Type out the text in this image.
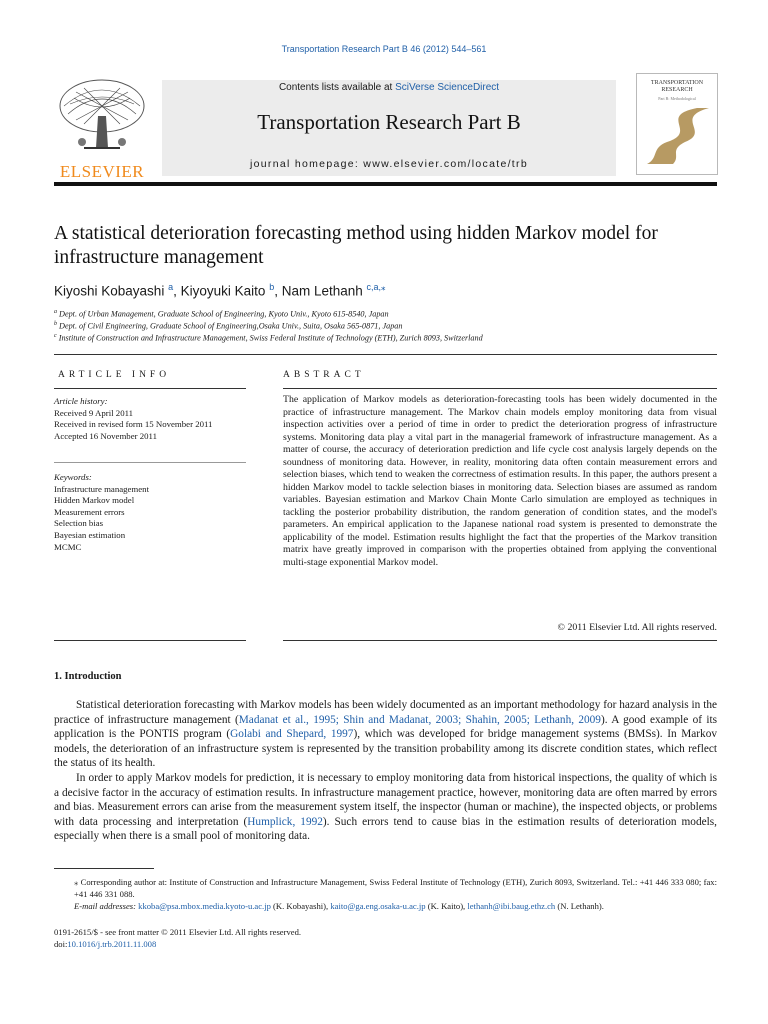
Transportation Research Part B 46 (2012) 544–561
ELSEVIER
Contents lists available at SciVerse ScienceDirect
Transportation Research Part B
journal homepage: www.elsevier.com/locate/trb
TRANSPORTATION RESEARCH
Part B: Methodological
A statistical deterioration forecasting method using hidden Markov model for infrastructure management
Kiyoshi Kobayashi $^a$, Kiyoyuki Kaito $^b$, Nam Lethanh $^{c,a,⁎}$
$^a$ Dept. of Urban Management, Graduate School of Engineering, Kyoto Univ., Kyoto 615-8540, Japan
$^b$ Dept. of Civil Engineering, Graduate School of Engineering,Osaka Univ., Suita, Osaka 565-0871, Japan
$^c$ Institute of Construction and Infrastructure Management, Swiss Federal Institute of Technology (ETH), Zurich 8093, Switzerland
ARTICLE INFO
Article history:
Received 9 April 2011
Received in revised form 15 November 2011
Accepted 16 November 2011
Keywords:
Infrastructure management
Hidden Markov model
Measurement errors
Selection bias
Bayesian estimation
MCMC
ABSTRACT
The application of Markov models as deterioration-forecasting tools has been widely documented in the practice of infrastructure management. The Markov chain models employ monitoring data from visual inspection activities over a period of time in order to predict the deterioration progress of infrastructure systems. Monitoring data play a vital part in the managerial framework of infrastructure management. As a matter of course, the accuracy of deterioration prediction and life cycle cost analysis largely depends on the soundness of monitoring data. However, in reality, monitoring data often contain measurement errors and selection biases, which tend to weaken the correctness of estimation results. In this paper, the authors present a hidden Markov model to tackle selection biases in monitoring data. Selection biases are assumed as random variables. Bayesian estimation and Markov Chain Monte Carlo simulation are employed as techniques in tackling the posterior probability distribution, the random generation of condition states, and the model's parameters. An empirical application to the Japanese national road system is presented to demonstrate the applicability of the model. Estimation results highlight the fact that the properties of the Markov transition matrix have greatly improved in comparison with the properties obtained from applying the conventional multi-stage exponential Markov model.
© 2011 Elsevier Ltd. All rights reserved.
1. Introduction

Statistical deterioration forecasting with Markov models has been widely documented as an important methodology for hazard analysis in the practice of infrastructure management (Madanat et al., 1995; Shin and Madanat, 2003; Shahin, 2005; Lethanh, 2009). A good example of its application is the PONTIS program (Golabi and Shepard, 1997), which was developed for bridge management systems (BMSs). In Markov models, the deterioration of an infrastructure system is represented by the transition probability among its discrete condition states, which reflect the status of its health.

In order to apply Markov models for prediction, it is necessary to employ monitoring data from historical inspections, the quality of which is a decisive factor in the accuracy of estimation results. In infrastructure management practice, however, monitoring data are often marred by errors and bias. Measurement errors can arise from the measurement system itself, the inspector (human or machine), the inspected objects, or problems with data processing and interpretation (Humplick, 1992). Such errors tend to cause bias in the estimation results of deterioration models, especially when there is a small pool of monitoring data.

⁎ Corresponding author at: Institute of Construction and Infrastructure Management, Swiss Federal Institute of Technology (ETH), Zurich 8093, Switzerland. Tel.: +41 446 333 080; fax: +41 446 331 088.

E-mail addresses: kkoba@psa.mbox.media.kyoto-u.ac.jp (K. Kobayashi), kaito@ga.eng.osaka-u.ac.jp (K. Kaito), lethanh@ibi.baug.ethz.ch (N. Lethanh).

0191-2615/$ - see front matter © 2011 Elsevier Ltd. All rights reserved.
doi:10.1016/j.trb.2011.11.008
